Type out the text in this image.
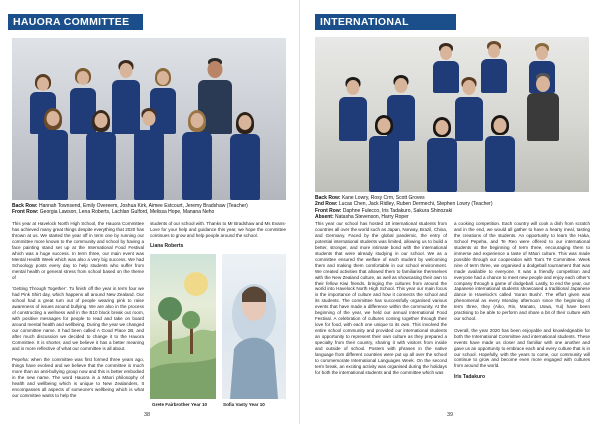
HAUORA COMMITTEE
Back Row: Hannah Townsend, Emily Overeem, Joshua Kirk, Aimee Estcourt, Jeremy Bradshaw (Teacher)
Front Row: Georgia Lawson, Lena Roberts, Lachlan Gulford, Melissa Hope, Manana Neho

This year at Havelock North High School, the Hauora Committee has achieved many great things despite everything that 2020 has thrown at us. We started the year off in term one by running our committee more known to the community and school by having a face painting stand set up at the International Food Festival which was a huge success. In term three, our main event was Mental Health Week which was also a very big success. We had Schoology posts every day to help students who suffer from mental health or general stress from school based on the theme of

‘Getting Through Together’. To finish off the year in term four we had Pink Shirt day, which happens all around New Zealand. Our school had a great turn out of people wearing pink to raise awareness of issues around bullying. We are also in the process of constructing a wellness wall in the B10 block break out room, with positive messages for people to read and take on board around mental health and wellbeing. During the year we changed our committee name. It had been called A Good Place 2B, and after much discussion we decided to change it to the Hauora Committee. It is shorter, and we believe it has a better meaning and is more reflective of what our committee is all about.

Pepeha: when the committee was first formed three years ago, things have evolved and we believe that the committee is much more than an anti-bullying group now and this is better embodied in the new name. The word Hauora is a Māori philosophy of health and wellbeing which is unique to New Zealanders. It encompasses all aspects of someone’s wellbeing which is what our committee wants to help the

students of our school with. Thanks to Mr Bradshaw and Ms Evans-Love for your help and guidance this year, we hope the committee continues to grow and help people around the school.

Liana Roberts
Grete Fairbrother Year 10	Sofia Vasty Year 10
38
INTERNATIONAL
Back Row: Kane Lowry, Rosy Crm, Scott Groves
2nd Row: Lucas Chen, Jack Ridley, Ruben Dermechi, Stephen Lowry (Teacher)
Front Row: Daphne Fulecco, Iris Tadakuro, Sakura Shinozaki
Absent: Natasha Stevenson, Harry Roper

This year our school has hosted 18 international students from countries all over the world such as Japan, Norway, Brazil, China, and Germany. Faced by the global pandemic, the entry of potential international students was limited, allowing us to build a better, stronger, and more intimate bond with the international students that were already studying in our school. We as a committee ensured the welfare of each student by welcoming them and making them comfortable in our school environment. We created activities that allowed them to familiarise themselves with the New Zealand culture, as well as showcasing their own to their fellow Kiwi friends, bringing the cultures from around the world into Havelock North High School. This year our main focus is the importance of culture and how it connects the school and its students. The committee has successfully organised various events that have made a difference within the community. At the beginning of the year, we held our annual International Food Festival. A celebration of cultures coming together through their love for food, with each one unique to its own. This involved the entire school community and provided our international students an opportunity to represent their own culture as they prepared a specialty from their country, sharing it with visitors from inside and outside of school. Posters with phrases in the native language from different countries were put up all over the school to commemorate International Languages Week. On the second term break, an exciting activity was organised during the holidays for both the international students and the committee which was

a cooking competition. Each country will cook a dish from scratch and in the end, we would all gather to have a hearty meal, tasting the creations of the students. An opportunity to learn the Haka, School Pepeha, and Te Reo were offered to our international students at the beginning of term three, encouraging them to immerse and experience a taste of Māori culture. This was made possible through our cooperation with Toa’s Tē Committee. Week nine of term three, we organised a dodgeball tournament that was made available to everyone. It was a friendly competition and everyone had a chance to meet new people and enjoy each other’s company through a game of dodgeball. Lastly, to end the year, our Japanese international students showcased a traditional Japanese dance in Havelock’s called ‘Soran Bushi’. The effort given was phenomenal as every Monday afternoon since the beginning of term three, they (Aiko, Rin, Manato, Uswa, Yui) have been practising to be able to perform and share a bit of their culture with our school.

Overall, the year 2020 has been enjoyable and knowledgeable for both the International Committee and international students. These events have made us closer and familiar with one another and gave us an opportunity to embrace each and every culture that is in our school. Hopefully, with the years to come, our community will continue to grow and become even more engaged with cultures from around the world.

Iris Tadakuro
39
